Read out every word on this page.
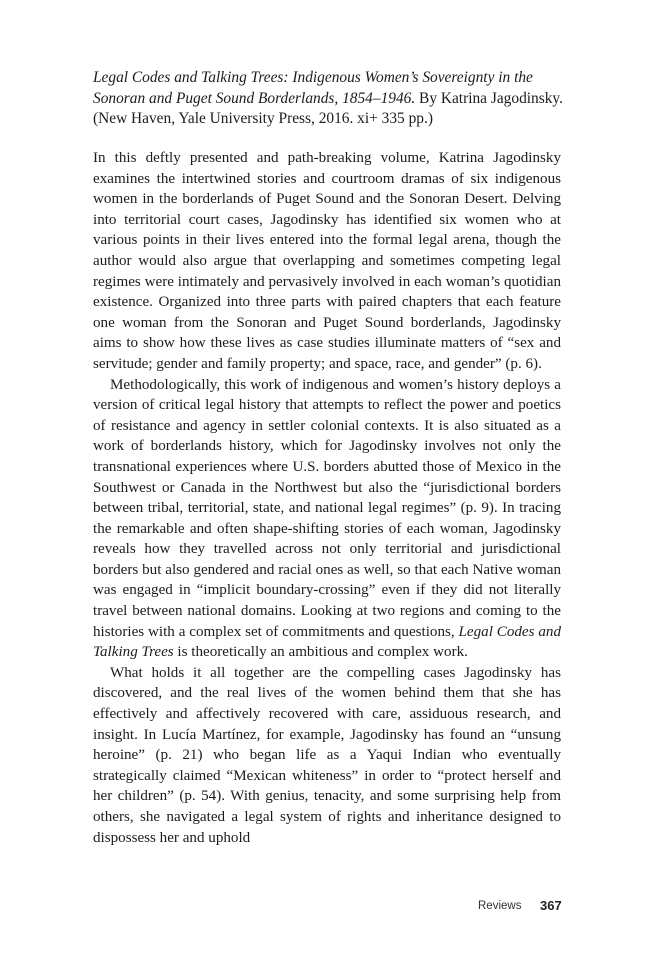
Legal Codes and Talking Trees: Indigenous Women’s Sovereignty in the Sonoran and Puget Sound Borderlands, 1854–1946. By Katrina Jagodinsky.
(New Haven, Yale University Press, 2016. xi+ 335 pp.)

In this deftly presented and path-breaking volume, Katrina Jagodinsky examines the intertwined stories and courtroom dramas of six indigenous women in the borderlands of Puget Sound and the Sonoran Desert. Delving into territorial court cases, Jagodinsky has identified six women who at various points in their lives entered into the formal legal arena, though the author would also argue that overlapping and sometimes competing legal regimes were intimately and pervasively involved in each woman’s quotidian existence. Organized into three parts with paired chapters that each feature one woman from the Sonoran and Puget Sound borderlands, Jagodinsky aims to show how these lives as case studies illuminate matters of “sex and servitude; gender and family property; and space, race, and gender” (p. 6).

Methodologically, this work of indigenous and women’s history deploys a version of critical legal history that attempts to reflect the power and poetics of resistance and agency in settler colonial contexts. It is also situated as a work of borderlands history, which for Jagodinsky involves not only the transnational experiences where U.S. borders abutted those of Mexico in the Southwest or Canada in the Northwest but also the “jurisdictional borders between tribal, territorial, state, and national legal regimes” (p. 9). In tracing the remarkable and often shape-shifting stories of each woman, Jagodinsky reveals how they travelled across not only territorial and jurisdictional borders but also gendered and racial ones as well, so that each Native woman was engaged in “implicit boundary-crossing” even if they did not literally travel between national domains. Looking at two regions and coming to the histories with a complex set of commitments and questions, Legal Codes and Talking Trees is theoretically an ambitious and complex work.

What holds it all together are the compelling cases Jagodinsky has discovered, and the real lives of the women behind them that she has effectively and affectively recovered with care, assiduous research, and insight. In Lucía Martínez, for example, Jagodinsky has found an “unsung heroine” (p. 21) who began life as a Yaqui Indian who eventually strategically claimed “Mexican whiteness” in order to “protect herself and her children” (p. 54). With genius, tenacity, and some surprising help from others, she navigated a legal system of rights and inheritance designed to dispossess her and uphold

Reviews 367
